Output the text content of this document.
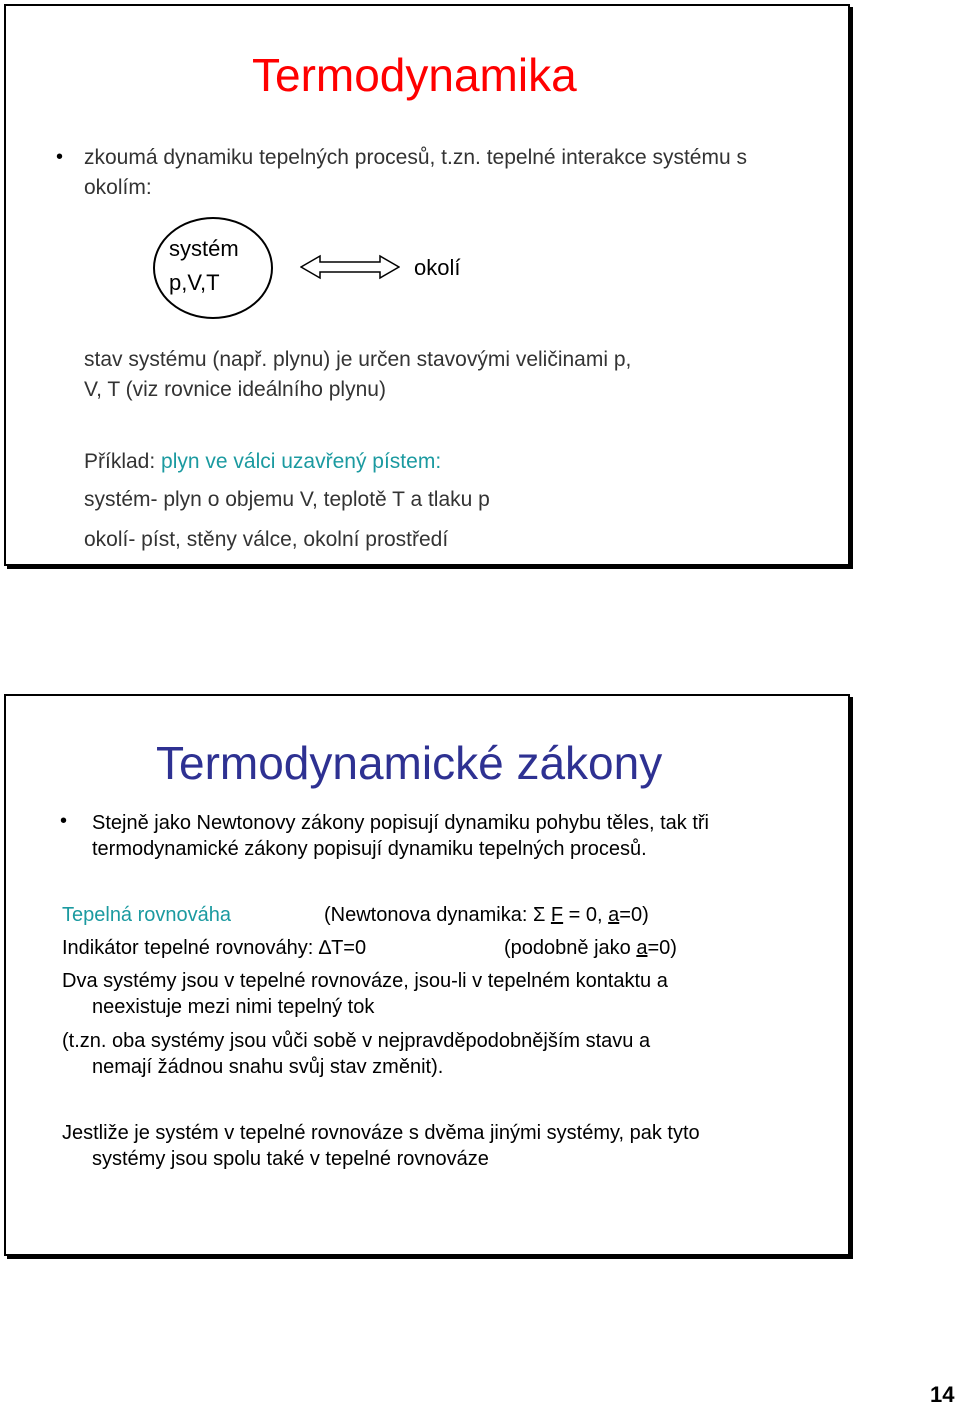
Termodynamika
• zkoumá dynamiku tepelných procesů, t.zn. tepelné interakce systému s
okolím:
systém
p,V,T
okolí
stav systému (např. plynu) je určen stavovými veličinami p,
V, T (viz rovnice ideálního plynu)
Příklad: plyn ve válci uzavřený pístem:
systém- plyn o objemu V, teplotě T a tlaku p
okolí- píst, stěny válce, okolní prostředí
Termodynamické zákony
• Stejně jako Newtonovy zákony popisují dynamiku pohybu těles, tak tři
termodynamické zákony popisují dynamiku tepelných procesů.
Tepelná rovnováha	(Newtonova dynamika: Σ F = 0, a=0)
Indikátor tepelné rovnováhy: ∆T=0	(podobně jako a=0)
Dva systémy jsou v tepelné rovnováze, jsou-li v tepelném kontaktu a
neexistuje mezi nimi tepelný tok
(t.zn. oba systémy jsou vůči sobě v nejpravděpodobnějším stavu a
nemají žádnou snahu svůj stav změnit).
Jestliže je systém v tepelné rovnováze s dvěma jinými systémy, pak tyto
systémy jsou spolu také v tepelné rovnováze
14
